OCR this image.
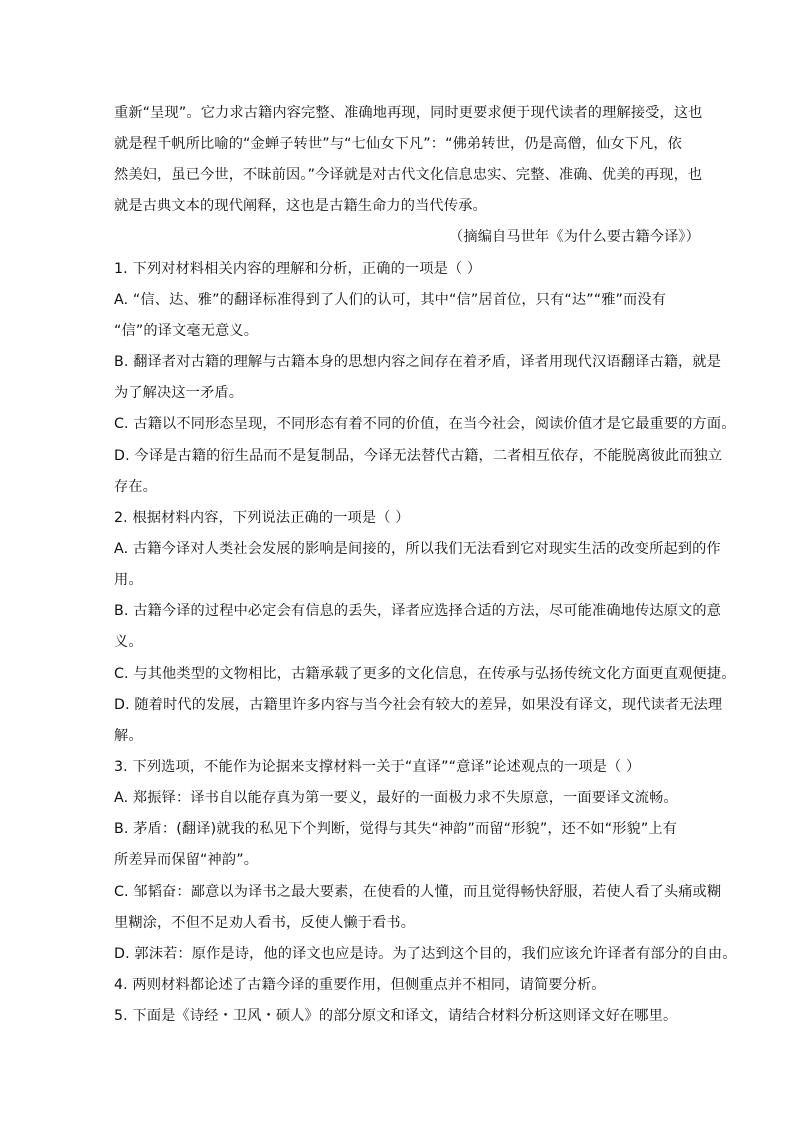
重新“呈现”。它力求古籍内容完整、准确地再现，同时更要求便于现代读者的理解接受，这也
就是程千帆所比喻的“金蝉子转世”与“七仙女下凡”：“佛弟转世，仍是高僧，仙女下凡，依
然美妇，虽已今世，不昧前因。”今译就是对古代文化信息忠实、完整、准确、优美的再现，也
就是古典文本的现代阐释，这也是古籍生命力的当代传承。
（摘编自马世年《为什么要古籍今译》）
1. 下列对材料相关内容的理解和分析，正确的一项是（ ）
A. “信、达、雅”的翻译标准得到了人们的认可，其中“信”居首位，只有“达”“雅”而没有
“信”的译文毫无意义。
B. 翻译者对古籍的理解与古籍本身的思想内容之间存在着矛盾，译者用现代汉语翻译古籍，就是
为了解决这一矛盾。
C. 古籍以不同形态呈现，不同形态有着不同的价值，在当今社会，阅读价值才是它最重要的方面。
D. 今译是古籍的衍生品而不是复制品，今译无法替代古籍，二者相互依存，不能脱离彼此而独立
存在。
2. 根据材料内容，下列说法正确的一项是（ ）
A. 古籍今译对人类社会发展的影响是间接的，所以我们无法看到它对现实生活的改变所起到的作
用。
B. 古籍今译的过程中必定会有信息的丢失，译者应选择合适的方法，尽可能准确地传达原文的意
义。
C. 与其他类型的文物相比，古籍承载了更多的文化信息，在传承与弘扬传统文化方面更直观便捷。
D. 随着时代的发展，古籍里许多内容与当今社会有较大的差异，如果没有译文，现代读者无法理
解。
3. 下列选项，不能作为论据来支撑材料一关于“直译”“意译”论述观点的一项是（ ）
A. 郑振铎：译书自以能存真为第一要义，最好的一面极力求不失原意，一面要译文流畅。
B. 茅盾：(翻译)就我的私见下个判断，觉得与其失“神韵”而留“形貌”，还不如“形貌”上有
所差异而保留“神韵”。
C. 邹韬奋：鄙意以为译书之最大要素，在使看的人懂，而且觉得畅快舒服，若使人看了头痛或糊
里糊涂，不但不足劝人看书，反使人懒于看书。
D. 郭沫若：原作是诗，他的译文也应是诗。为了达到这个目的，我们应该允许译者有部分的自由。
4. 两则材料都论述了古籍今译的重要作用，但侧重点并不相同，请简要分析。
5. 下面是《诗经・卫风・硕人》的部分原文和译文，请结合材料分析这则译文好在哪里。
